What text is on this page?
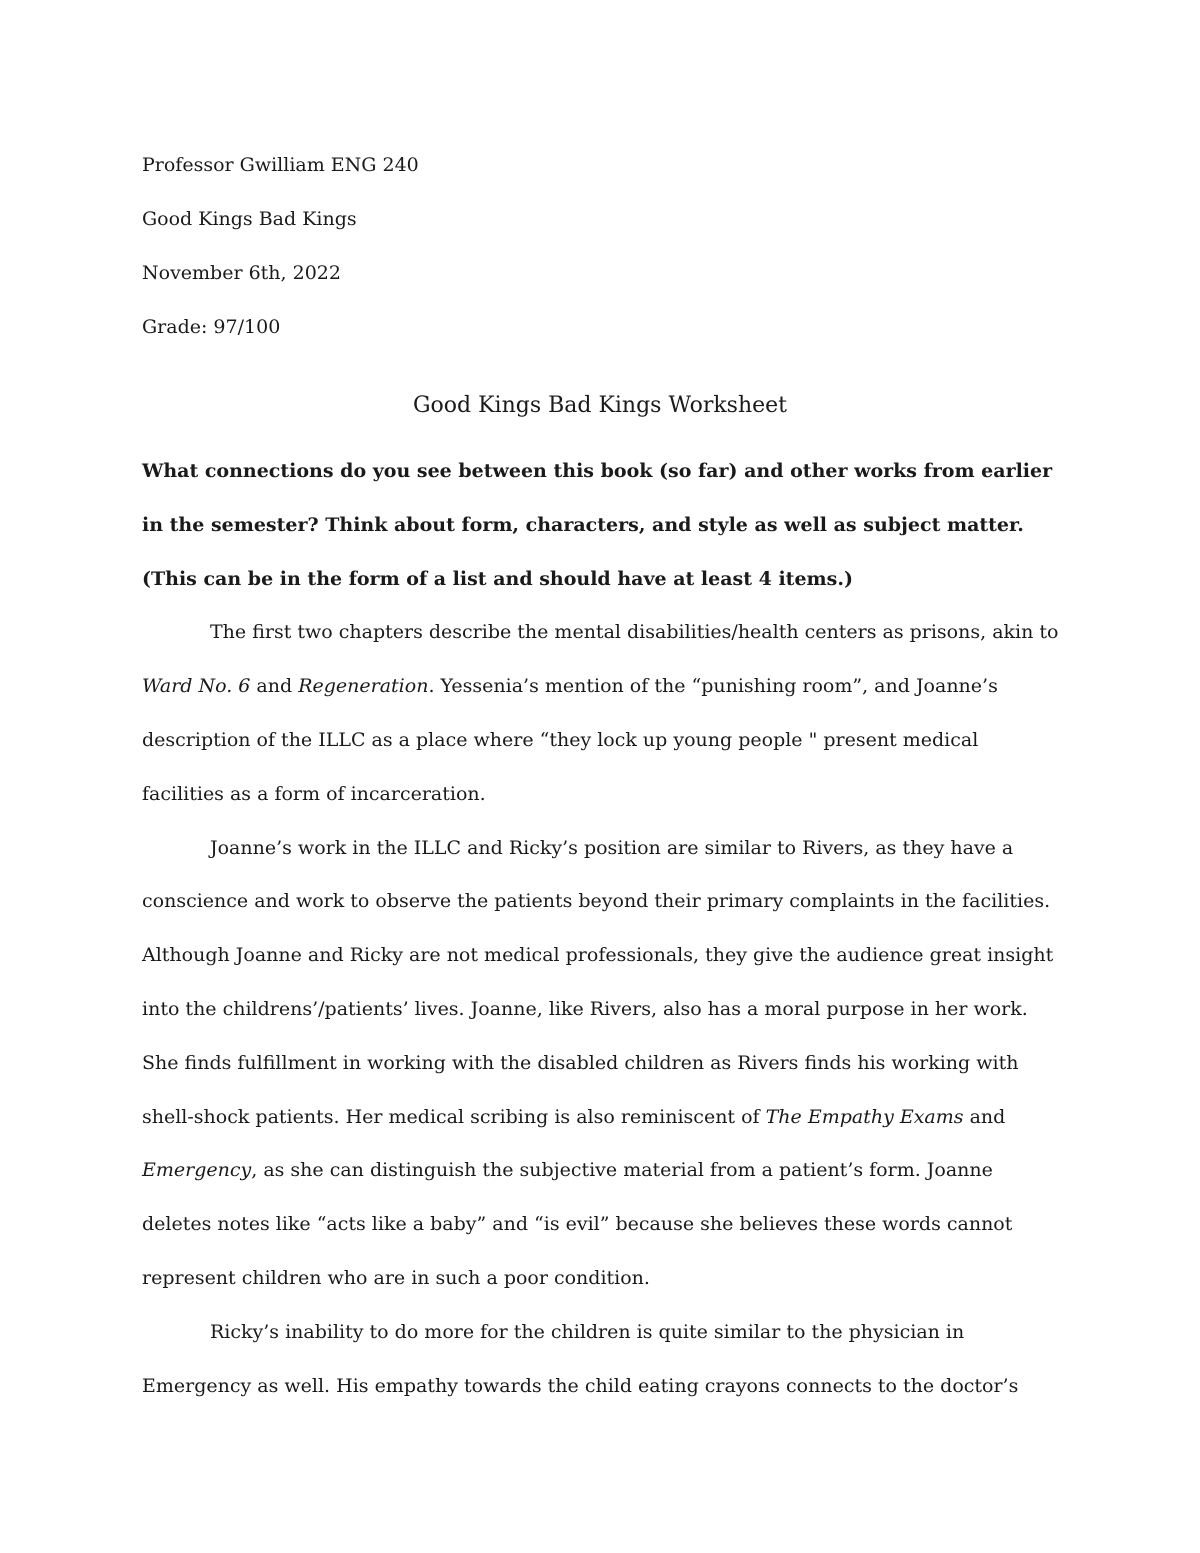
Professor Gwilliam ENG 240
Good Kings Bad Kings
November 6th, 2022
Grade: 97/100
Good Kings Bad Kings Worksheet

What connections do you see between this book (so far) and other works from earlier in the semester? Think about form, characters, and style as well as subject matter. (This can be in the form of a list and should have at least 4 items.)

The first two chapters describe the mental disabilities/health centers as prisons, akin to Ward No. 6 and Regeneration. Yessenia’s mention of the “punishing room”, and Joanne’s description of the ILLC as a place where “they lock up young people " present medical facilities as a form of incarceration.

Joanne’s work in the ILLC and Ricky’s position are similar to Rivers, as they have a conscience and work to observe the patients beyond their primary complaints in the facilities. Although Joanne and Ricky are not medical professionals, they give the audience great insight into the childrens’/patients’ lives. Joanne, like Rivers, also has a moral purpose in her work. She finds fulfillment in working with the disabled children as Rivers finds his working with shell-shock patients. Her medical scribing is also reminiscent of The Empathy Exams and Emergency, as she can distinguish the subjective material from a patient’s form. Joanne deletes notes like “acts like a baby” and “is evil” because she believes these words cannot represent children who are in such a poor condition.

Ricky’s inability to do more for the children is quite similar to the physician in Emergency as well. His empathy towards the child eating crayons connects to the doctor’s
